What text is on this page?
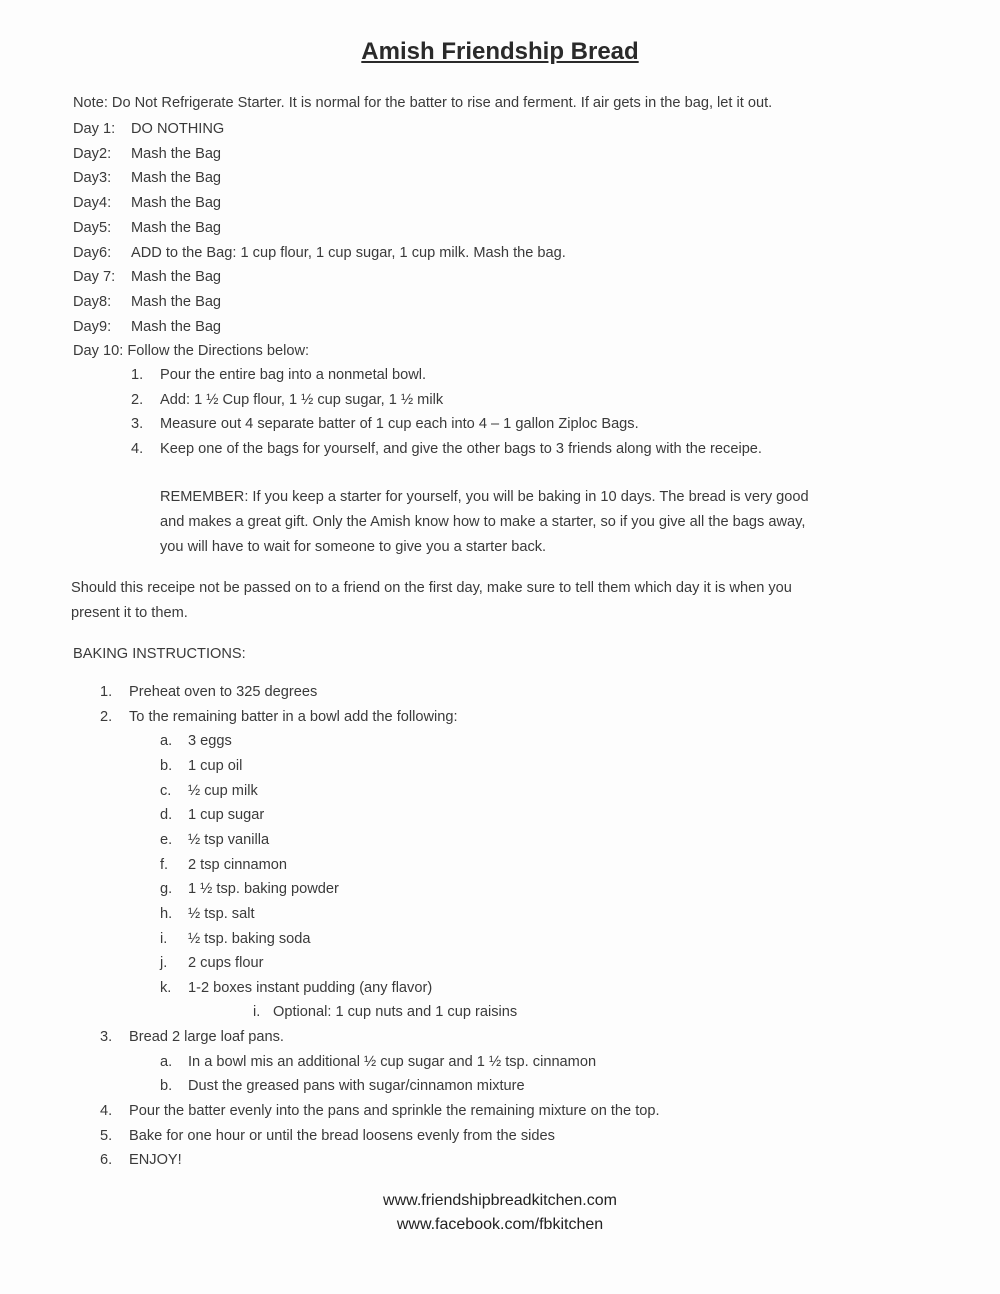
Amish Friendship Bread
Note: Do Not Refrigerate Starter. It is normal for the batter to rise and ferment. If air gets in the bag, let it out.
Day 1: DO NOTHING
Day2: Mash the Bag
Day3: Mash the Bag
Day4: Mash the Bag
Day5: Mash the Bag
Day6: ADD to the Bag: 1 cup flour, 1 cup sugar, 1 cup milk. Mash the bag.
Day 7: Mash the Bag
Day8: Mash the Bag
Day9: Mash the Bag
Day 10: Follow the Directions below:
1. Pour the entire bag into a nonmetal bowl.
2. Add: 1 ½ Cup flour, 1 ½ cup sugar, 1 ½ milk
3. Measure out 4 separate batter of 1 cup each into 4 – 1 gallon Ziploc Bags.
4. Keep one of the bags for yourself, and give the other bags to 3 friends along with the receipe.
REMEMBER: If you keep a starter for yourself, you will be baking in 10 days. The bread is very good
and makes a great gift. Only the Amish know how to make a starter, so if you give all the bags away,
you will have to wait for someone to give you a starter back.
Should this receipe not be passed on to a friend on the first day, make sure to tell them which day it is when you
present it to them.
BAKING INSTRUCTIONS:
1. Preheat oven to 325 degrees
2. To the remaining batter in a bowl add the following:
a. 3 eggs
b. 1 cup oil
c. ½ cup milk
d. 1 cup sugar
e. ½ tsp vanilla
f. 2 tsp cinnamon
g. 1 ½ tsp. baking powder
h. ½ tsp. salt
i. ½ tsp. baking soda
j. 2 cups flour
k. 1-2 boxes instant pudding (any flavor)
i. Optional: 1 cup nuts and 1 cup raisins
3. Bread 2 large loaf pans.
a. In a bowl mis an additional ½ cup sugar and 1 ½ tsp. cinnamon
b. Dust the greased pans with sugar/cinnamon mixture
4. Pour the batter evenly into the pans and sprinkle the remaining mixture on the top.
5. Bake for one hour or until the bread loosens evenly from the sides
6. ENJOY!
www.friendshipbreadkitchen.com
www.facebook.com/fbkitchen
